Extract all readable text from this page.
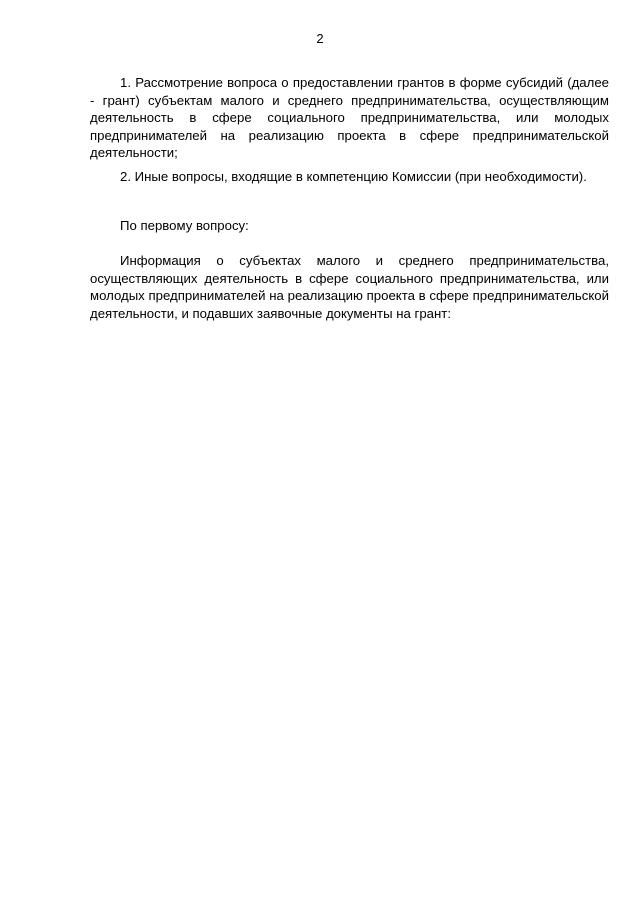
2

1. Рассмотрение вопроса о предоставлении грантов в форме субсидий (далее - грант) субъектам малого и среднего предпринимательства, осуществляющим деятельность в сфере социального предпринимательства, или молодых предпринимателей на реализацию проекта в сфере предпринимательской деятельности;

2. Иные вопросы, входящие в компетенцию Комиссии (при необходимости).

По первому вопросу:

Информация о субъектах малого и среднего предпринимательства, осуществляющих деятельность в сфере социального предпринимательства, или молодых предпринимателей на реализацию проекта в сфере предпринимательской деятельности, и подавших заявочные документы на грант:
